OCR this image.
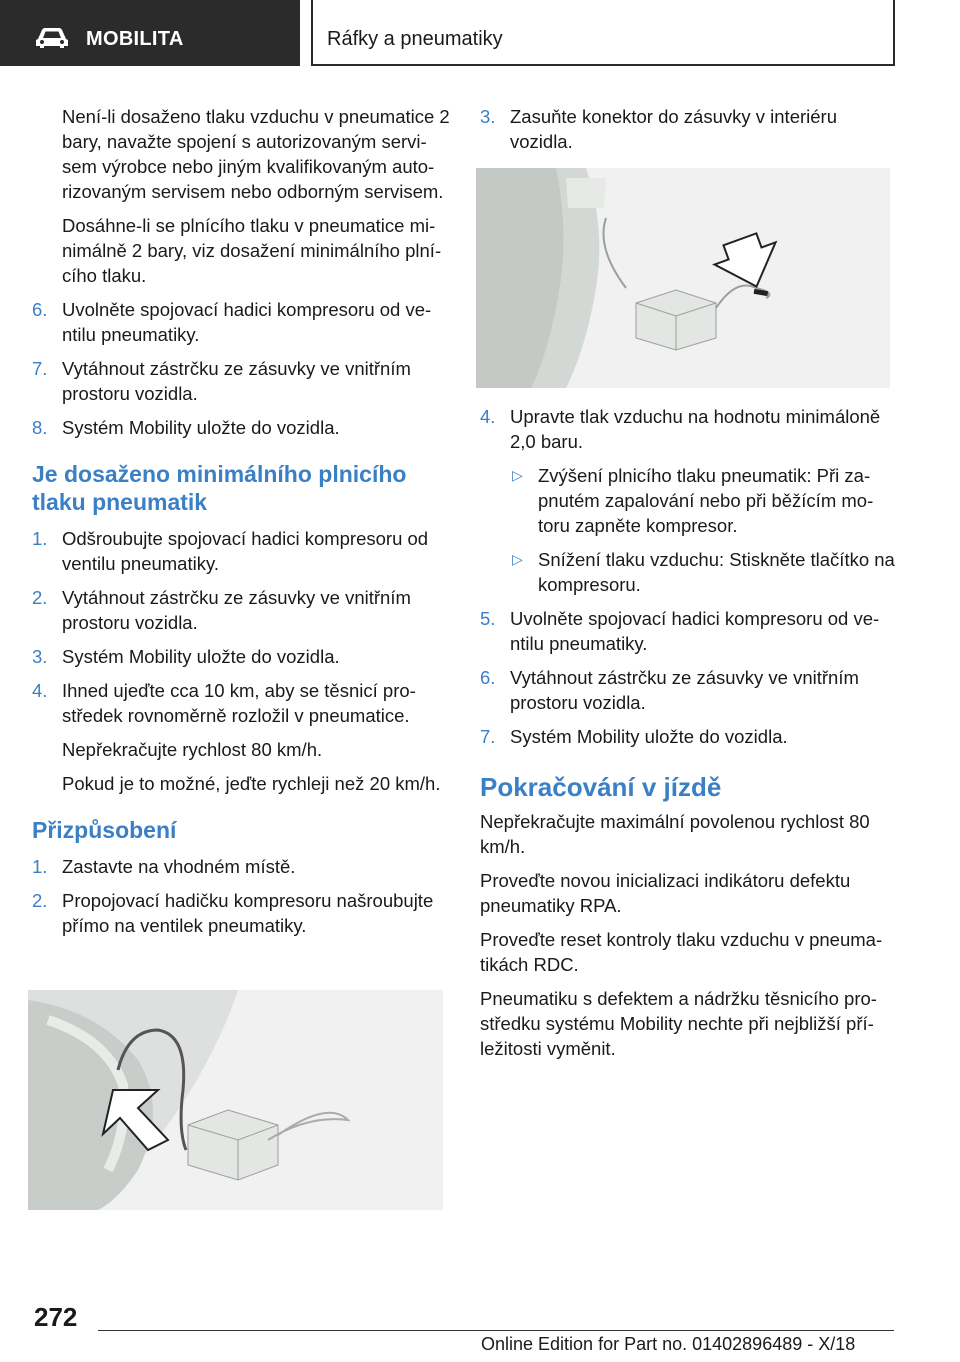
MOBILITA	Ráfky a pneumatiky

Není-li dosaženo tlaku vzduchu v pneumatice 2 bary, navažte spojení s autorizovaným servisem výrobce nebo jiným kvalifikovaným autorizovaným servisem nebo odborným servisem.

Dosáhne-li se plnícího tlaku v pneumatice minimálně 2 bary, viz dosažení minimálního plnícího tlaku.

6. Uvolněte spojovací hadici kompresoru od ventilu pneumatiky.
7. Vytáhnout zástrčku ze zásuvky ve vnitřním prostoru vozidla.
8. Systém Mobility uložte do vozidla.
Je dosaženo minimálního plnicího tlaku pneumatik
1. Odšroubujte spojovací hadici kompresoru od ventilu pneumatiky.
2. Vytáhnout zástrčku ze zásuvky ve vnitřním prostoru vozidla.
3. Systém Mobility uložte do vozidla.
4. Ihned ujeďte cca 10 km, aby se těsnicí prostředek rovnoměrně rozložil v pneumatice.
Nepřekračujte rychlost 80 km/h.
Pokud je to možné, jeďte rychleji než 20 km/h.
Přizpůsobení
1. Zastavte na vhodném místě.
2. Propojovací hadičku kompresoru našroubujte přímo na ventilek pneumatiky.
3. Zasuňte konektor do zásuvky v interiéru vozidla.
4. Upravte tlak vzduchu na hodnotu minimáloně 2,0 baru.
▷ Zvýšení plnicího tlaku pneumatik: Při zapnutém zapalování nebo při běžícím motoru zapněte kompresor.
▷ Snížení tlaku vzduchu: Stiskněte tlačítko na kompresoru.
5. Uvolněte spojovací hadici kompresoru od ventilu pneumatiky.
6. Vytáhnout zástrčku ze zásuvky ve vnitřním prostoru vozidla.
7. Systém Mobility uložte do vozidla.
Pokračování v jízdě

Nepřekračujte maximální povolenou rychlost 80 km/h.

Proveďte novou inicializaci indikátoru defektu pneumatiky RPA.

Proveďte reset kontroly tlaku vzduchu v pneumatikách RDC.

Pneumatiku s defektem a nádržku těsnicího prostředku systému Mobility nechte při nejbližší příležitosti vyměnit.

272
Online Edition for Part no. 01402896489 - X/18
